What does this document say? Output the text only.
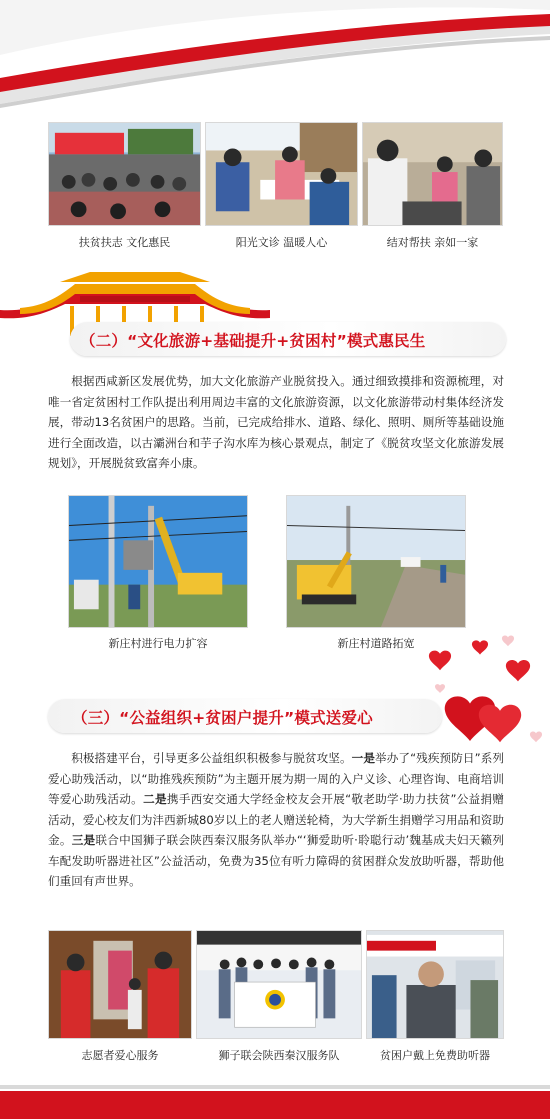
扶贫扶志 文化惠民	阳光文诊 温暖人心	结对帮扶 亲如一家
（二）“文化旅游+基础提升+贫困村”模式惠民生
根据西咸新区发展优势，加大文化旅游产业脱贫投入。通过细致摸排和资源梳理，对唯一省定贫困村工作队提出利用周边丰富的文化旅游资源，以文化旅游带动村集体经济发展，带动13名贫困户的思路。当前，已完成给排水、道路、绿化、照明、厕所等基础设施进行全面改造，以古灞洲台和芋子沟水库为核心景观点，制定了《脱贫攻坚文化旅游发展规划》，开展脱贫致富奔小康。
新庄村进行电力扩容	新庄村道路拓宽
（三）“公益组织+贫困户提升”模式送爱心
积极搭建平台，引导更多公益组织积极参与脱贫攻坚。一是举办了“残疾预防日”系列爱心助残活动，以“助推残疾预防”为主题开展为期一周的入户义诊、心理咨询、电商培训等爱心助残活动。二是携手西安交通大学经金校友会开展“敬老助学·助力扶贫”公益捐赠活动，爱心校友们为沣西新城80岁以上的老人赠送轮椅，为大学新生捐赠学习用品和资助金。三是联合中国狮子联会陕西秦汉服务队举办“‘狮爱助听·聆聪行动’魏基成夫妇天籁列车配发助听器进社区”公益活动，免费为35位有听力障碍的贫困群众发放助听器，帮助他们重回有声世界。
志愿者爱心服务	狮子联会陕西秦汉服务队	贫困户戴上免费助听器
